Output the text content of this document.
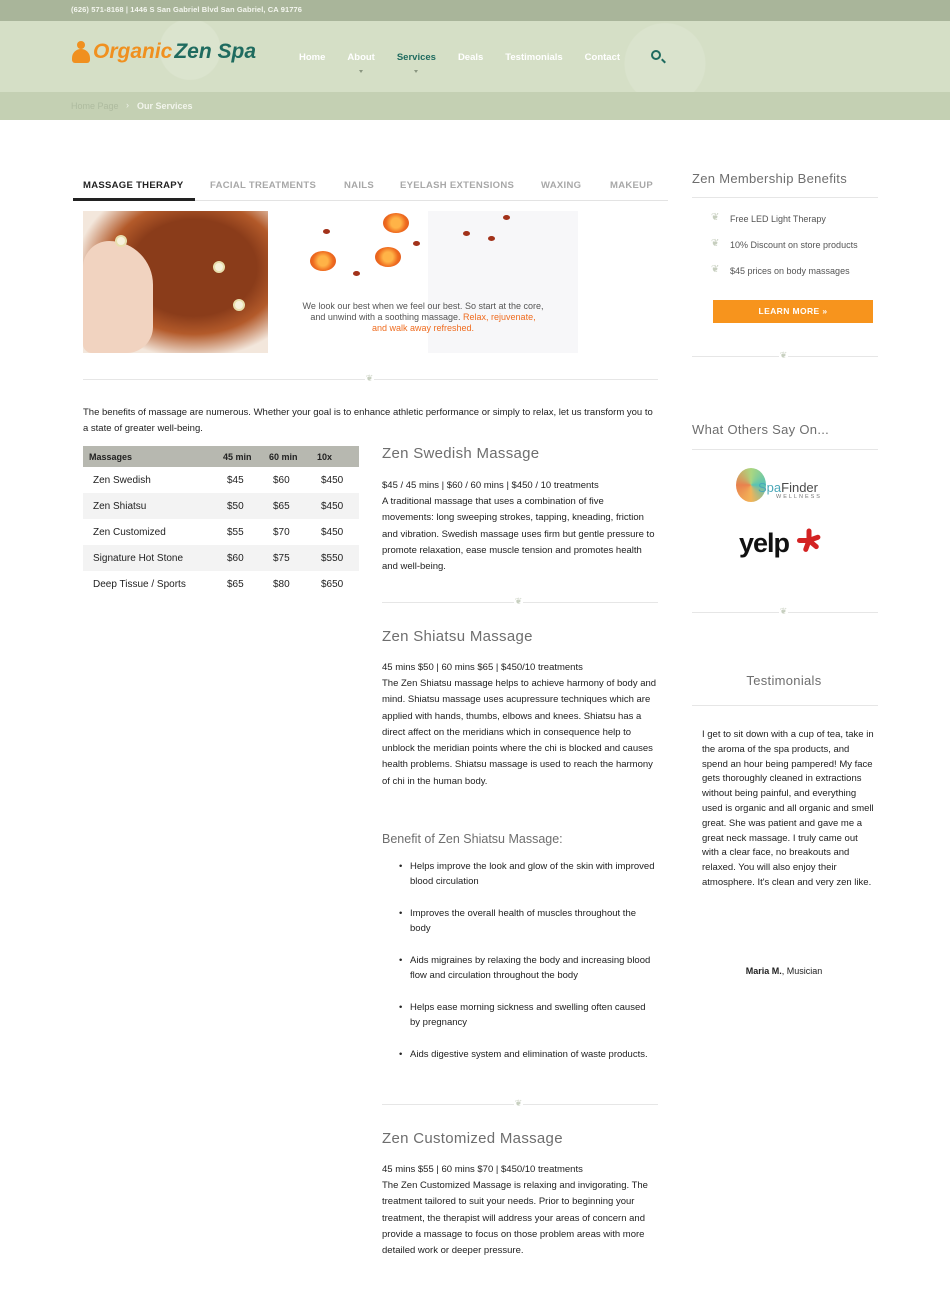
(626) 571-8168 | 1446 S San Gabriel Blvd San Gabriel, CA 91776
Organic Zen Spa	Home About Services Deals Testimonials Contact
Home Page › Our Services
MASSAGE THERAPY	FACIAL TREATMENTS	NAILS	EYELASH EXTENSIONS	WAXING	MAKEUP
We look our best when we feel our best. So start at the core,
and unwind with a soothing massage. Relax, rejuvenate,
and walk away refreshed.
❦
The benefits of massage are numerous. Whether your goal is to enhance athletic performance or simply to relax, let us transform you to a state of greater well-being.
Massages	45 min	60 min	10x
Zen Swedish	$45	$60	$450
Zen Shiatsu	$50	$65	$450
Zen Customized	$55	$70	$450
Signature Hot Stone	$60	$75	$550
Deep Tissue / Sports	$65	$80	$650
Zen Swedish Massage
$45 / 45 mins | $60 / 60 mins | $450 / 10 treatments
A traditional massage that uses a combination of five movements: long sweeping strokes, tapping, kneading, friction and vibration. Swedish massage uses firm but gentle pressure to promote relaxation, ease muscle tension and promotes health and well-being.
❦
Zen Shiatsu Massage
45 mins $50 | 60 mins $65 | $450/10 treatments
The Zen Shiatsu massage helps to achieve harmony of body and mind. Shiatsu massage uses acupressure techniques which are applied with hands, thumbs, elbows and knees. Shiatsu has a direct affect on the meridians which in consequence help to unblock the meridian points where the chi is blocked and causes health problems. Shiatsu massage is used to reach the harmony of chi in the human body.
Benefit of Zen Shiatsu Massage:
• Helps improve the look and glow of the skin with improved blood circulation
• Improves the overall health of muscles throughout the body
• Aids migraines by relaxing the body and increasing blood flow and circulation throughout the body
• Helps ease morning sickness and swelling often caused by pregnancy
• Aids digestive system and elimination of waste products.
❦
Zen Customized Massage
45 mins $55 | 60 mins $70 | $450/10 treatments
The Zen Customized Massage is relaxing and invigorating. The treatment tailored to suit your needs. Prior to beginning your treatment, the therapist will address your areas of concern and provide a massage to focus on those problem areas with more detailed work or deeper pressure.
Zen Membership Benefits
❦ Free LED Light Therapy
❦ 10% Discount on store products
❦ $45 prices on body massages
LEARN MORE »
❦
What Others Say On...
SpaFinder
WELLNESS
yelp
❦
Testimonials
I get to sit down with a cup of tea, take in the aroma of the spa products, and spend an hour being pampered! My face gets thoroughly cleaned in extractions without being painful, and everything used is organic and all organic and smell great. She was patient and gave me a great neck massage. I truly came out with a clear face, no breakouts and relaxed. You will also enjoy their atmosphere. It's clean and very zen like.
Maria M., Musician
